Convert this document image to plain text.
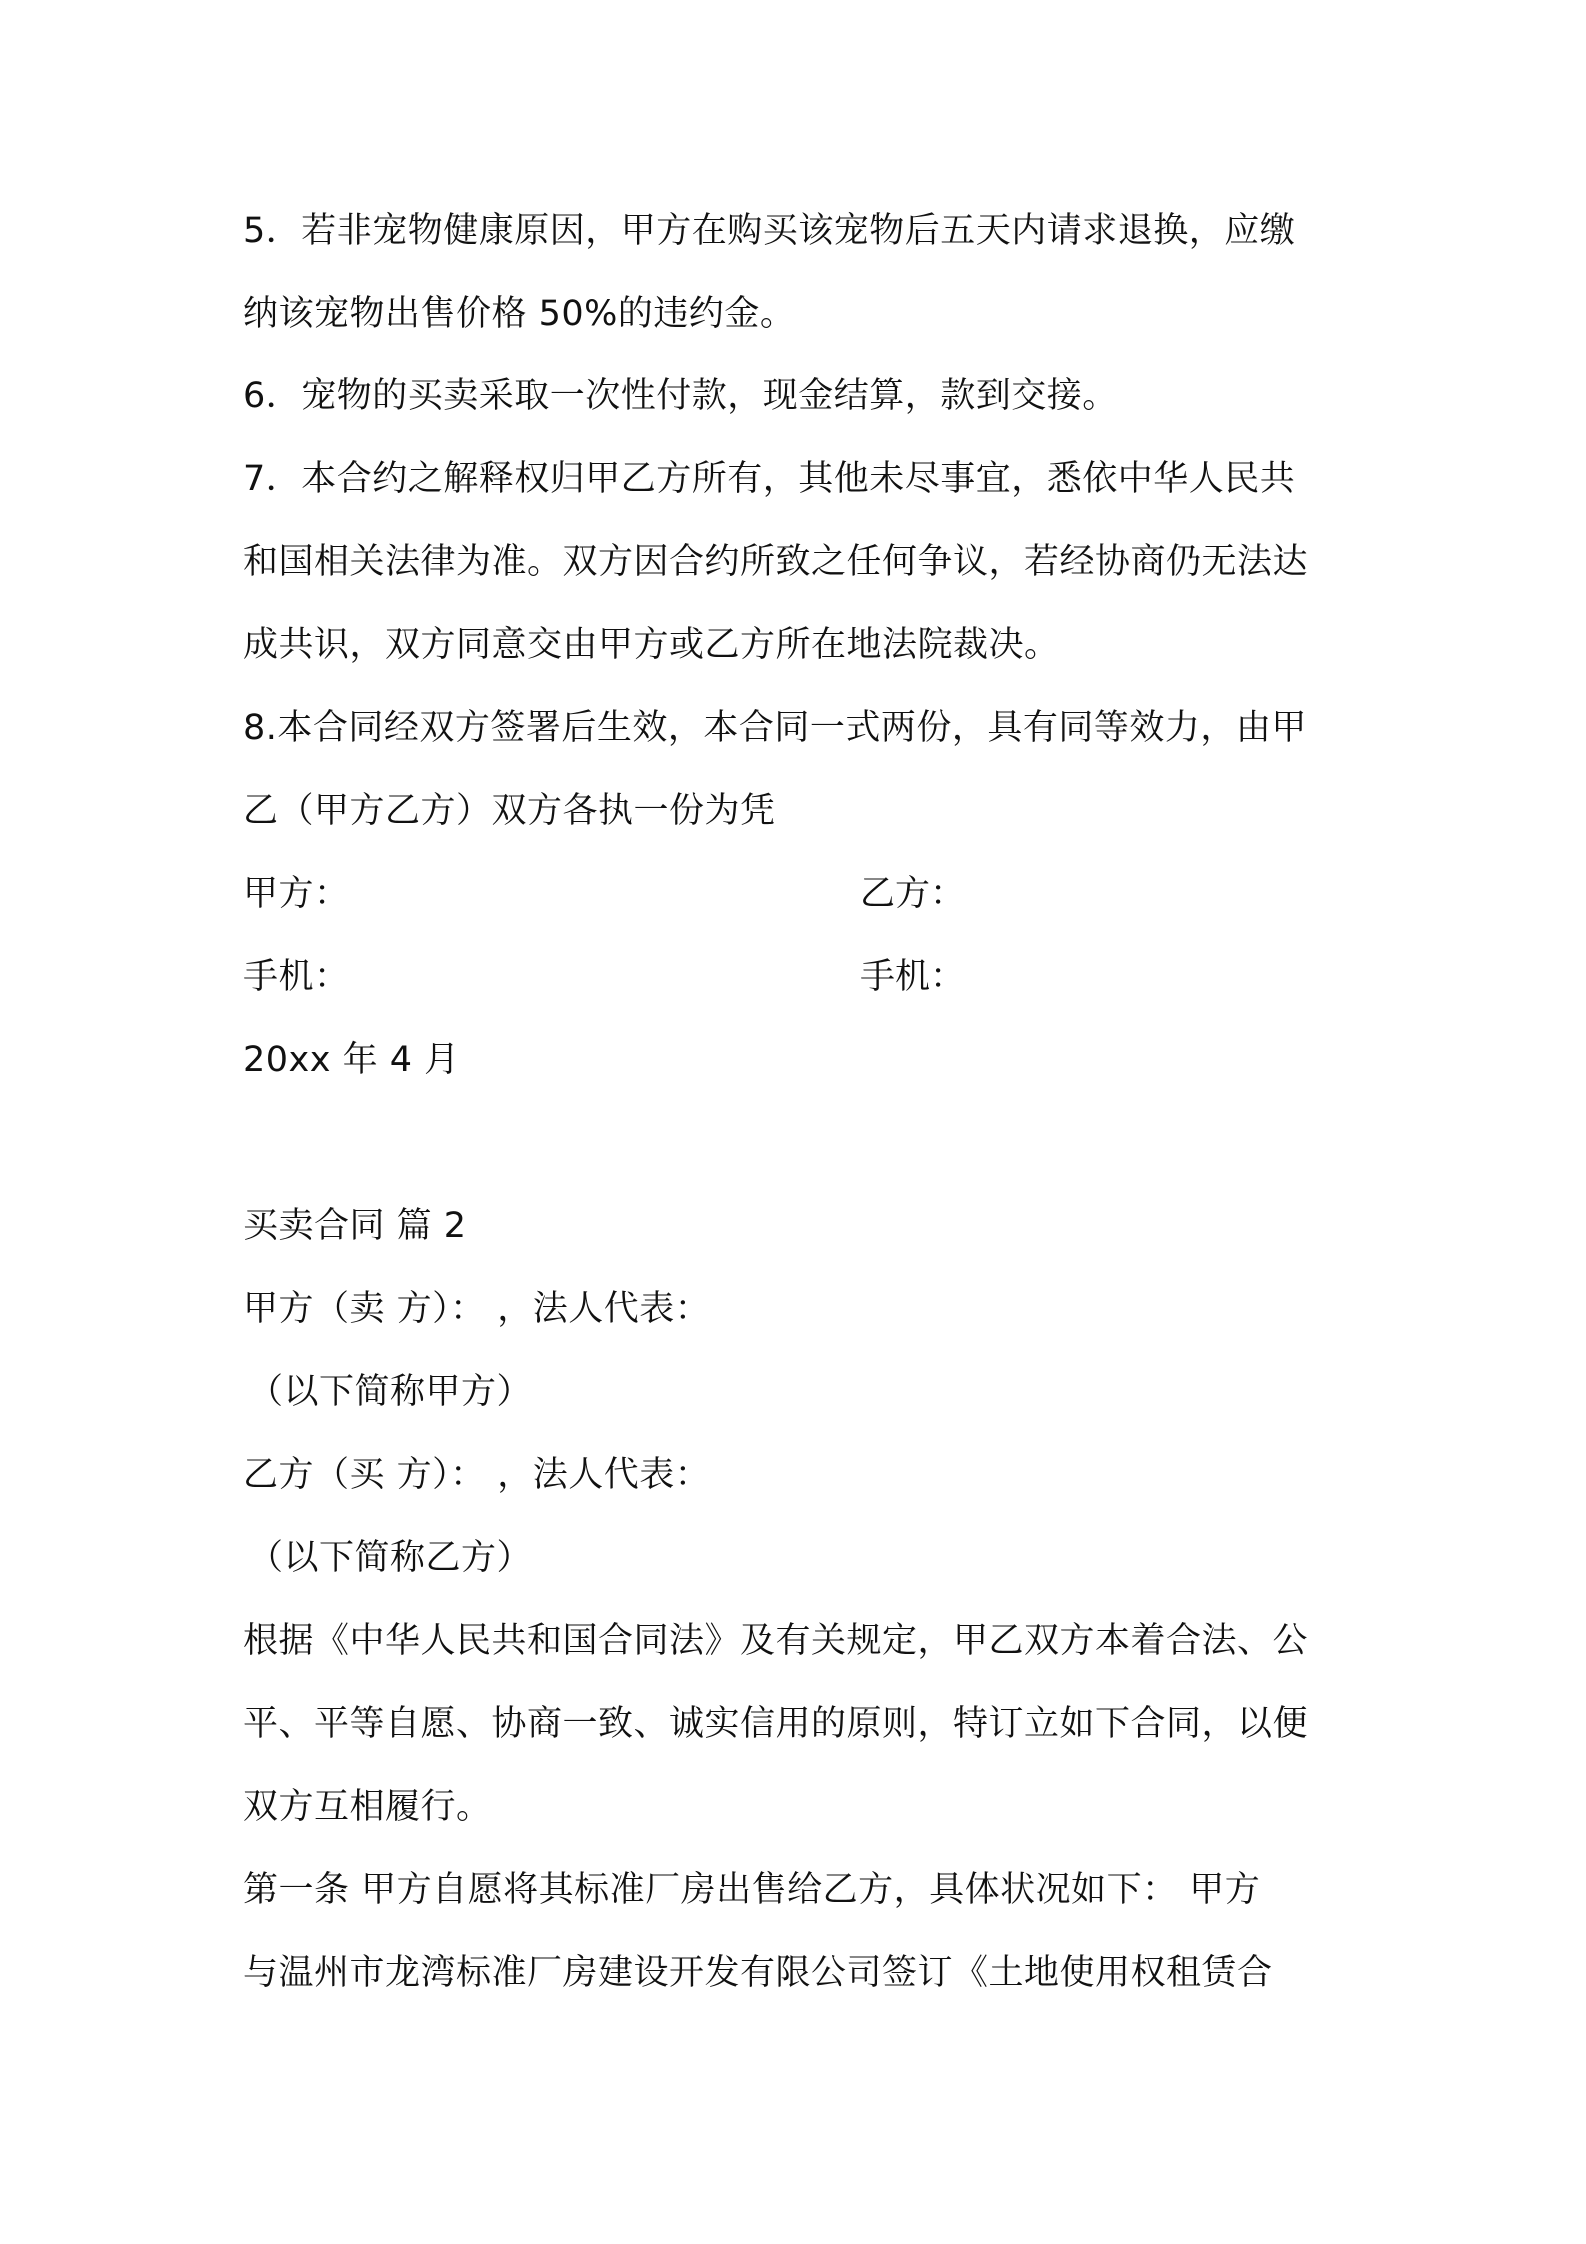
5．若非宠物健康原因，甲方在购买该宠物后五天内请求退换，应缴
纳该宠物出售价格 50%的违约金。
6．宠物的买卖采取一次性付款，现金结算，款到交接。
7．本合约之解释权归甲乙方所有，其他未尽事宜，悉依中华人民共
和国相关法律为准。双方因合约所致之任何争议，若经协商仍无法达
成共识，双方同意交由甲方或乙方所在地法院裁决。
8.本合同经双方签署后生效，本合同一式两份，具有同等效力，由甲
乙（甲方乙方）双方各执一份为凭
甲方：	乙方：
手机：	手机：
20xx 年 4 月
买卖合同 篇 2
甲方（卖 方）： ，法人代表：
（以下简称甲方）
乙方（买 方）： ，法人代表：
（以下简称乙方）
根据《中华人民共和国合同法》及有关规定，甲乙双方本着合法、公
平、平等自愿、协商一致、诚实信用的原则，特订立如下合同，以便
双方互相履行。
第一条 甲方自愿将其标准厂房出售给乙方，具体状况如下： 甲方
与温州市龙湾标准厂房建设开发有限公司签订《土地使用权租赁合
